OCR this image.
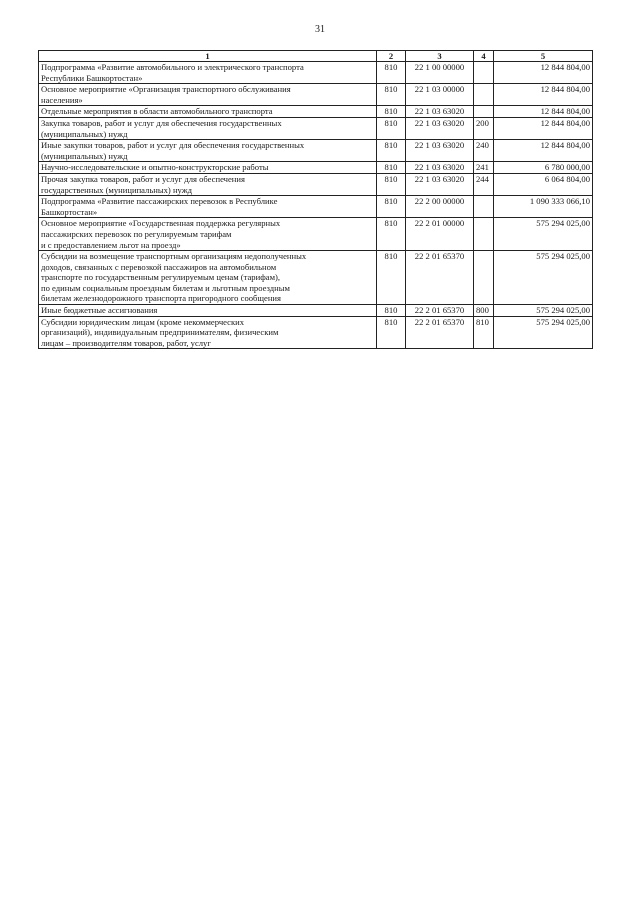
31
1	2	3	4	5
Подпрограмма «Развитие автомобильного и электрического транспорта
Республики Башкортостан»	810	22 1 00 00000		12 844 804,00
Основное мероприятие «Организация транспортного обслуживания
населения»	810	22 1 03 00000		12 844 804,00
Отдельные мероприятия в области автомобильного транспорта	810	22 1 03 63020		12 844 804,00
Закупка товаров, работ и услуг для обеспечения государственных
(муниципальных) нужд	810	22 1 03 63020	200	12 844 804,00
Иные закупки товаров, работ и услуг для обеспечения государственных
(муниципальных) нужд	810	22 1 03 63020	240	12 844 804,00
Научно-исследовательские и опытно-конструкторские работы	810	22 1 03 63020	241	6 780 000,00
Прочая закупка товаров, работ и услуг для обеспечения
государственных (муниципальных) нужд	810	22 1 03 63020	244	6 064 804,00
Подпрограмма «Развитие пассажирских перевозок в Республике
Башкортостан»	810	22 2 00 00000		1 090 333 066,10
Основное мероприятие «Государственная поддержка регулярных
пассажирских перевозок по регулируемым тарифам
и с предоставлением льгот на проезд»	810	22 2 01 00000		575 294 025,00
Субсидии на возмещение транспортным организациям недополученных
доходов, связанных с перевозкой пассажиров на автомобильном
транспорте по государственным регулируемым ценам (тарифам),
по единым социальным проездным билетам и льготным проездным
билетам железнодорожного транспорта пригородного сообщения	810	22 2 01 65370		575 294 025,00
Иные бюджетные ассигнования	810	22 2 01 65370	800	575 294 025,00
Субсидии юридическим лицам (кроме некоммерческих
организаций), индивидуальным предпринимателям, физическим
лицам – производителям товаров, работ, услуг	810	22 2 01 65370	810	575 294 025,00
